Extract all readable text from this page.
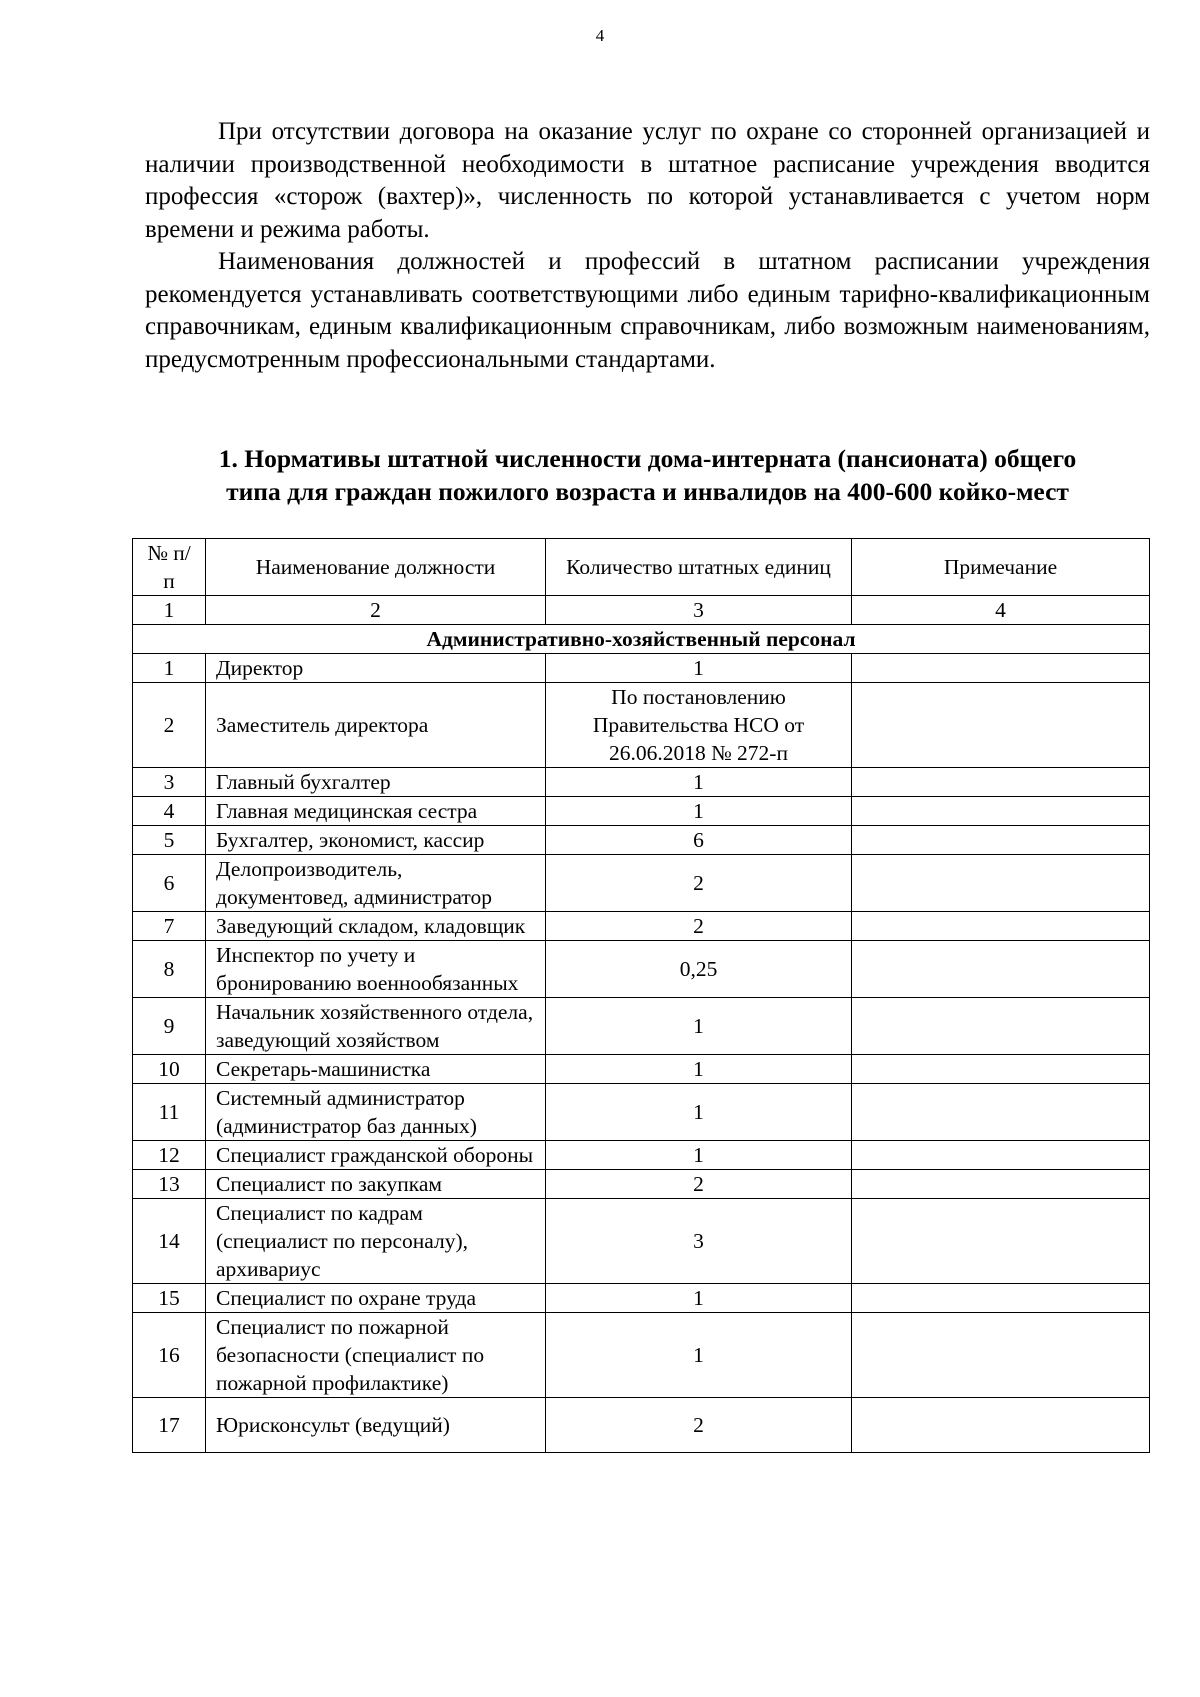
4

При отсутствии договора на оказание услуг по охране со сторонней организацией и наличии производственной необходимости в штатное расписание учреждения вводится профессия «сторож (вахтер)», численность по которой устанавливается с учетом норм времени и режима работы.

Наименования должностей и профессий в штатном расписании учреждения рекомендуется устанавливать соответствующими либо единым тарифно-квалификационным справочникам, единым квалификационным справочникам, либо возможным наименованиям, предусмотренным профессиональными стандартами.

1. Нормативы штатной численности дома-интерната (пансионата) общего
типа для граждан пожилого возраста и инвалидов на 400-600 койко-мест
№ п/п	Наименование должности	Количество штатных единиц	Примечание
1	2	3	4
Административно-хозяйственный персонал			
1	Директор	1	
2	Заместитель директора	По постановлению Правительства НСО от 26.06.2018 № 272-п	
3	Главный бухгалтер	1	
4	Главная медицинская сестра	1	
5	Бухгалтер, экономист, кассир	6	
6	Делопроизводитель, документовед, администратор	2	
7	Заведующий складом, кладовщик	2	
8	Инспектор по учету и бронированию военнообязанных	0,25	
9	Начальник хозяйственного отдела, заведующий хозяйством	1	
10	Секретарь-машинистка	1	
11	Системный администратор (администратор баз данных)	1	
12	Специалист гражданской обороны	1	
13	Специалист по закупкам	2	
14	Специалист по кадрам (специалист по персоналу), архивариус	3	
15	Специалист по охране труда	1	
16	Специалист по пожарной безопасности (специалист по пожарной профилактике)	1	
17	Юрисконсульт (ведущий)	2	
